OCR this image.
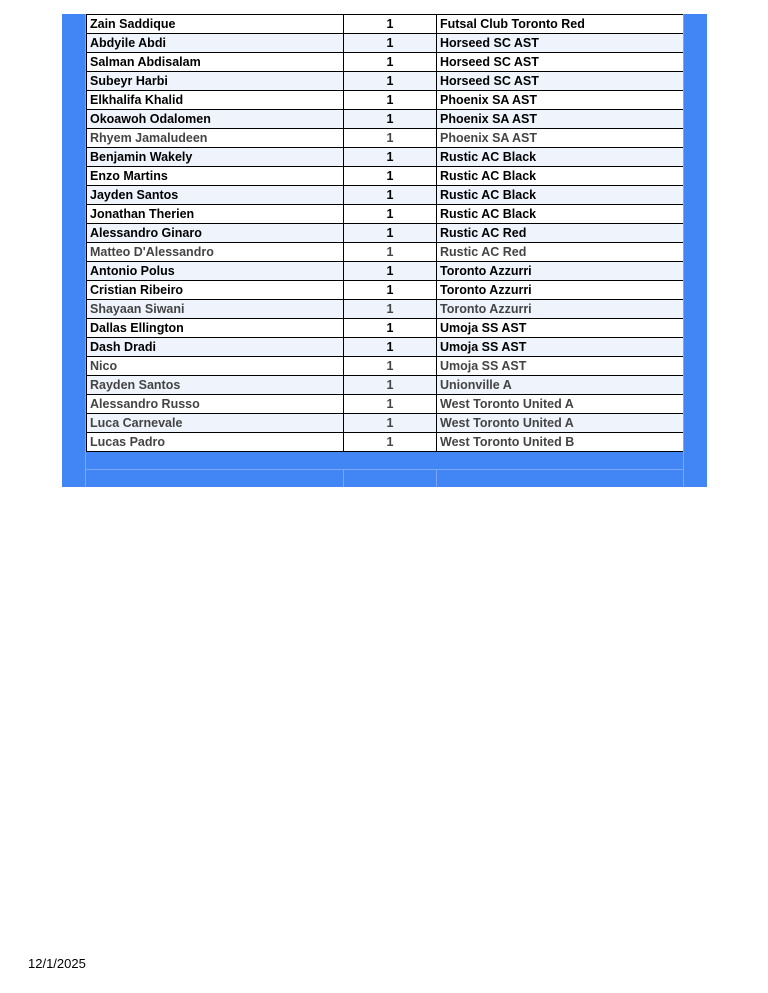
Zain Saddique	1	Futsal Club Toronto Red
Abdyile Abdi	1	Horseed SC AST
Salman Abdisalam	1	Horseed SC AST
Subeyr Harbi	1	Horseed SC AST
Elkhalifa Khalid	1	Phoenix SA AST
Okoawoh Odalomen	1	Phoenix SA AST
Rhyem Jamaludeen	1	Phoenix SA AST
Benjamin Wakely	1	Rustic AC Black
Enzo Martins	1	Rustic AC Black
Jayden Santos	1	Rustic AC Black
Jonathan Therien	1	Rustic AC Black
Alessandro Ginaro	1	Rustic AC Red
Matteo D'Alessandro	1	Rustic AC Red
Antonio Polus	1	Toronto Azzurri
Cristian Ribeiro	1	Toronto Azzurri
Shayaan Siwani	1	Toronto Azzurri
Dallas Ellington	1	Umoja SS AST
Dash Dradi	1	Umoja SS AST
Nico	1	Umoja SS AST
Rayden Santos	1	Unionville A
Alessandro Russo	1	West Toronto United A
Luca Carnevale	1	West Toronto United A
Lucas Padro	1	West Toronto United B
12/1/2025
